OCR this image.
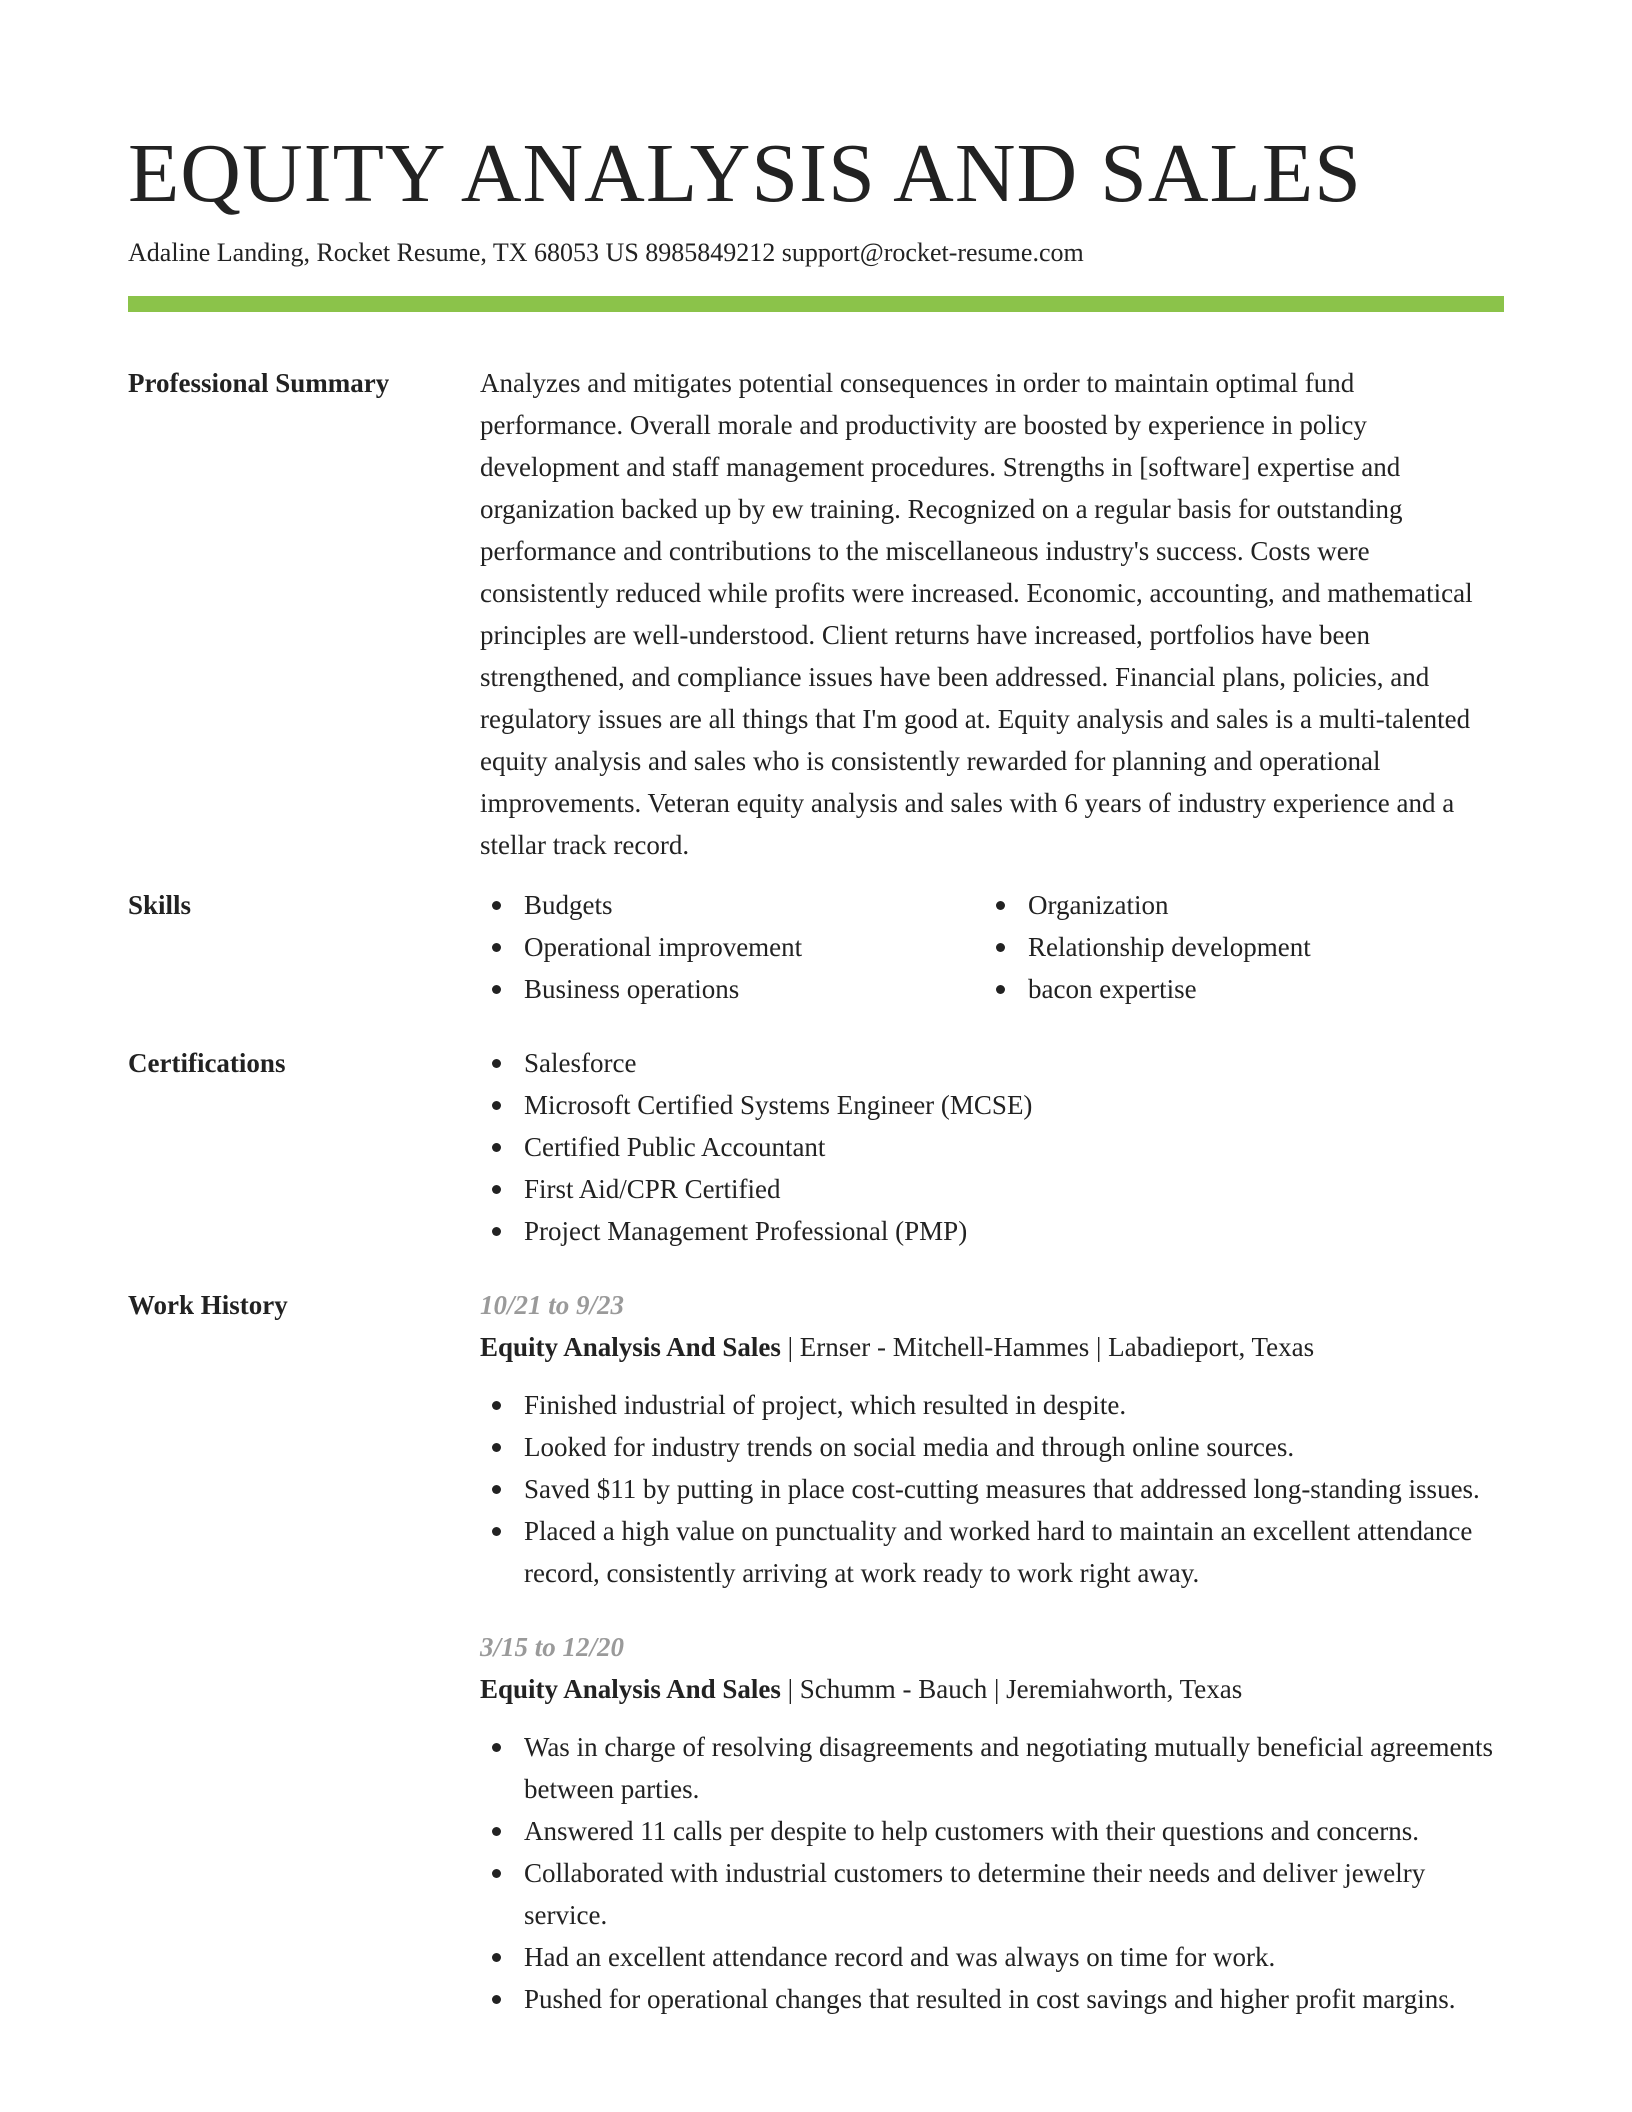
EQUITY ANALYSIS AND SALES
Adaline Landing, Rocket Resume, TX 68053 US 8985849212 support@rocket-resume.com
Professional Summary	Analyzes and mitigates potential consequences in order to maintain optimal fund performance. Overall morale and productivity are boosted by experience in policy development and staff management procedures. Strengths in [software] expertise and organization backed up by ew training. Recognized on a regular basis for outstanding performance and contributions to the miscellaneous industry's success. Costs were consistently reduced while profits were increased. Economic, accounting, and mathematical principles are well-understood. Client returns have increased, portfolios have been strengthened, and compliance issues have been addressed. Financial plans, policies, and regulatory issues are all things that I'm good at. Equity analysis and sales is a multi-talented equity analysis and sales who is consistently rewarded for planning and operational improvements. Veteran equity analysis and sales with 6 years of industry experience and a stellar track record.

Skills	Budgets
Operational improvement
Business operations
Organization
Relationship development
bacon expertise
Certifications	Salesforce
Microsoft Certified Systems Engineer (MCSE)
Certified Public Accountant
First Aid/CPR Certified
Project Management Professional (PMP)
Work History	10/21 to 9/23
Equity Analysis And Sales | Ernser - Mitchell-Hammes | Labadieport, Texas
Finished industrial of project, which resulted in despite.
Looked for industry trends on social media and through online sources.
Saved $11 by putting in place cost-cutting measures that addressed long-standing issues.
Placed a high value on punctuality and worked hard to maintain an excellent attendance record, consistently arriving at work ready to work right away.
3/15 to 12/20
Equity Analysis And Sales | Schumm - Bauch | Jeremiahworth, Texas
Was in charge of resolving disagreements and negotiating mutually beneficial agreements between parties.
Answered 11 calls per despite to help customers with their questions and concerns.
Collaborated with industrial customers to determine their needs and deliver jewelry service.
Had an excellent attendance record and was always on time for work.
Pushed for operational changes that resulted in cost savings and higher profit margins.
